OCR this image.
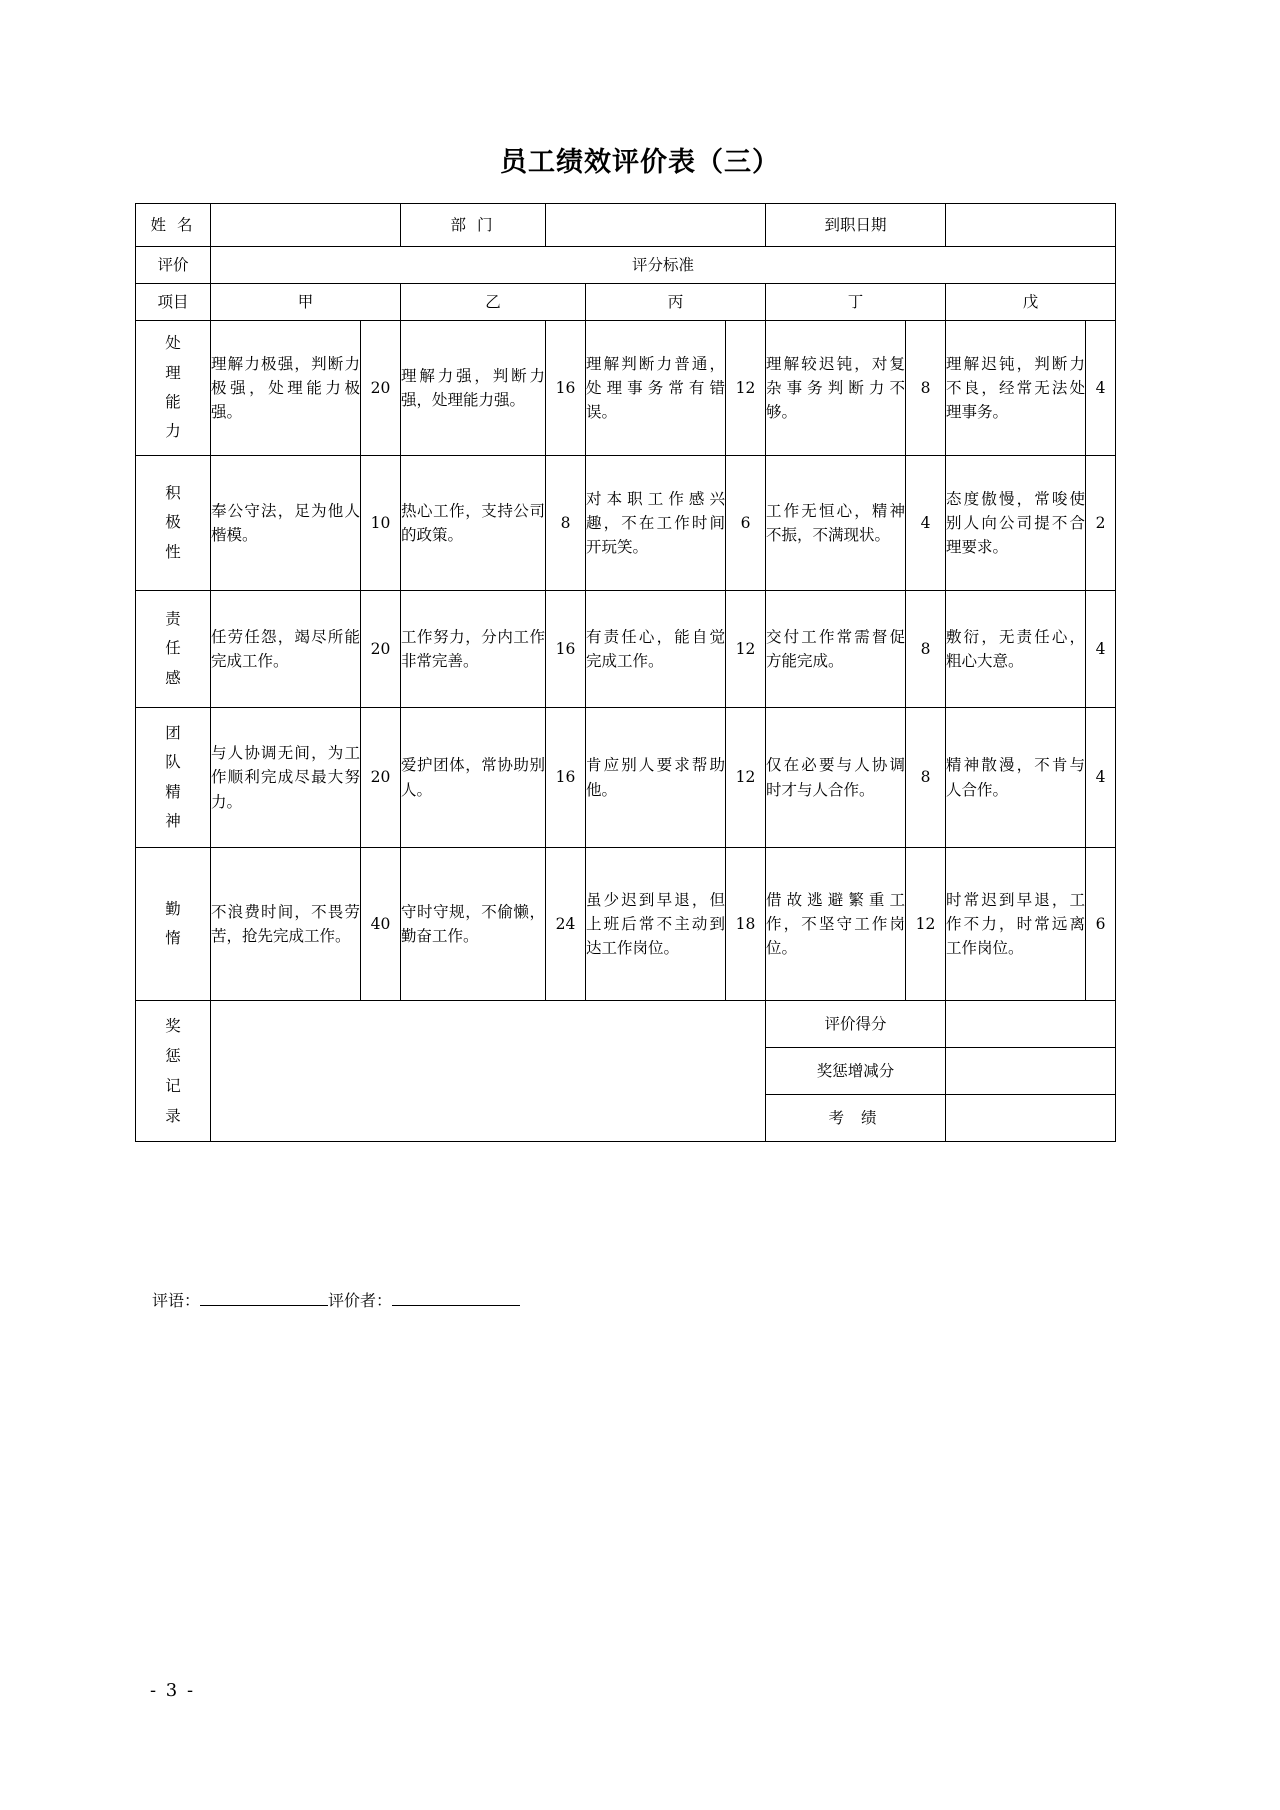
员工绩效评价表（三）
姓 名			部 门				到职日期			
评价	评分标准									
项目	甲		乙		丙		丁		戊	

处
理
能
力	理解力极强，判断力极强，处理能力极强。	20	理解力强，判断力强，处理能力强。	16	理解判断力普通，处理事务常有错误。	12	理解较迟钝，对复杂事务判断力不够。	8	理解迟钝，判断力不良，经常无法处理事务。	4

积
极
性	奉公守法，足为他人楷模。	10	热心工作，支持公司的政策。	8	对本职工作感兴趣，不在工作时间开玩笑。	6	工作无恒心，精神不振，不满现状。	4	态度傲慢，常唆使别人向公司提不合理要求。	2

责
任
感	任劳任怨，竭尽所能完成工作。	20	工作努力，分内工作非常完善。	16	有责任心，能自觉完成工作。	12	交付工作常需督促方能完成。	8	敷衍，无责任心，粗心大意。	4

团
队
精
神	与人协调无间，为工作顺利完成尽最大努力。	20	爱护团体，常协助别人。	16	肯应别人要求帮助他。	12	仅在必要与人协调时才与人合作。	8	精神散漫，不肯与人合作。	4

勤
惰	不浪费时间，不畏劳苦，抢先完成工作。	40	守时守规，不偷懒，勤奋工作。	24	虽少迟到早退，但上班后常不主动到达工作岗位。	18	借故逃避繁重工作，不坚守工作岗位。	12	时常迟到早退，工作不力，时常远离工作岗位。	6

奖
惩
记
录							评价得分			
							奖惩增减分			
							考 绩			
评语：	评价者：
- 3 -
